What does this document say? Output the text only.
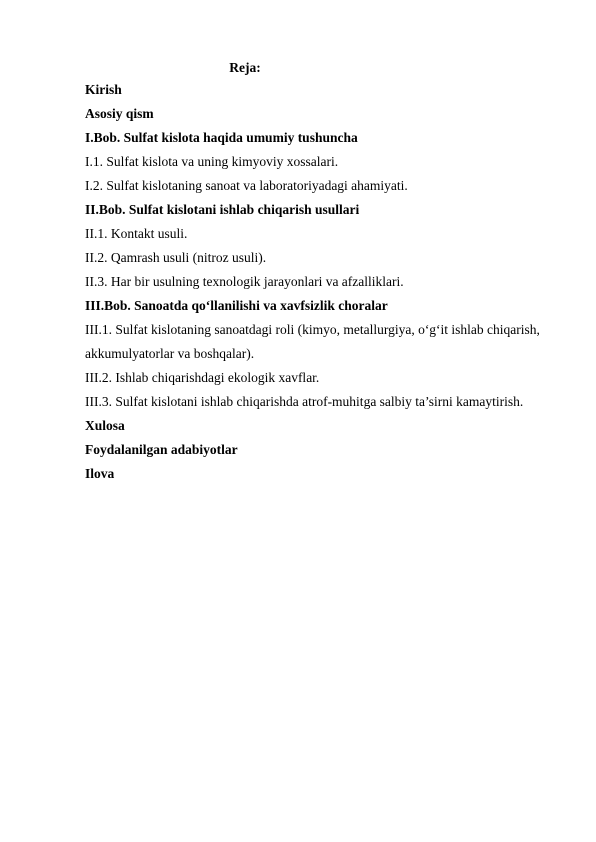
Reja:
Kirish
Asosiy qism
I.Bob. Sulfat kislota haqida umumiy tushuncha
I.1. Sulfat kislota va uning kimyoviy xossalari.
I.2. Sulfat kislotaning sanoat va laboratoriyadagi ahamiyati.
II.Bob. Sulfat kislotani ishlab chiqarish usullari
II.1. Kontakt usuli.
II.2. Qamrash usuli (nitroz usuli).
II.3. Har bir usulning texnologik jarayonlari va afzalliklari.
III.Bob. Sanoatda qo‘llanilishi va xavfsizlik choralar
III.1. Sulfat kislotaning sanoatdagi roli (kimyo, metallurgiya, o‘g‘it ishlab chiqarish,
akkumulyatorlar va boshqalar).
III.2. Ishlab chiqarishdagi ekologik xavflar.
III.3. Sulfat kislotani ishlab chiqarishda atrof-muhitga salbiy ta’sirni kamaytirish.
Xulosa
Foydalanilgan adabiyotlar
Ilova
